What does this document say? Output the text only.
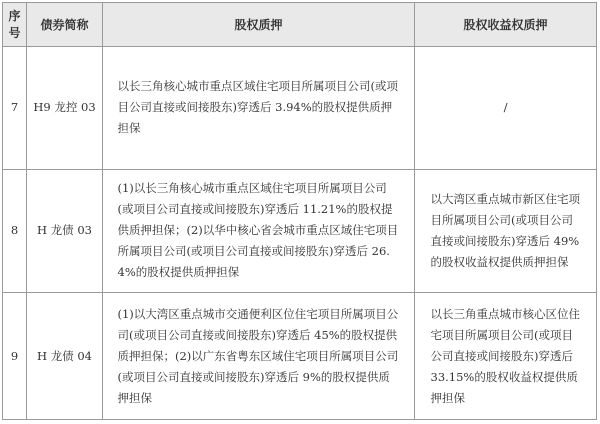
序号	债券简称	股权质押	股权收益权质押
7	H9 龙控 03	以长三角核心城市重点区域住宅项目所属项目公司(或项目公司直接或间接股东)穿透后 3.94%的股权提供质押担保	/
8	H 龙债 03	(1)以长三角核心城市重点区域住宅项目所属项目公司(或项目公司直接或间接股东)穿透后 11.21%的股权提供质押担保；(2)以华中核心省会城市重点区域住宅项目所属项目公司(或项目公司直接或间接股东)穿透后 26.4%的股权提供质押担保	以大湾区重点城市新区住宅项目所属项目公司(或项目公司直接或间接股东)穿透后 49%的股权收益权提供质押担保
9	H 龙债 04	(1)以大湾区重点城市交通便利区位住宅项目所属项目公司(或项目公司直接或间接股东)穿透后 45%的股权提供质押担保；(2)以广东省粤东区域住宅项目所属项目公司(或项目公司直接或间接股东)穿透后 9%的股权提供质押担保	以长三角重点城市核心区位住宅项目所属项目公司(或项目公司直接或间接股东)穿透后 33.15%的股权收益权提供质押担保
